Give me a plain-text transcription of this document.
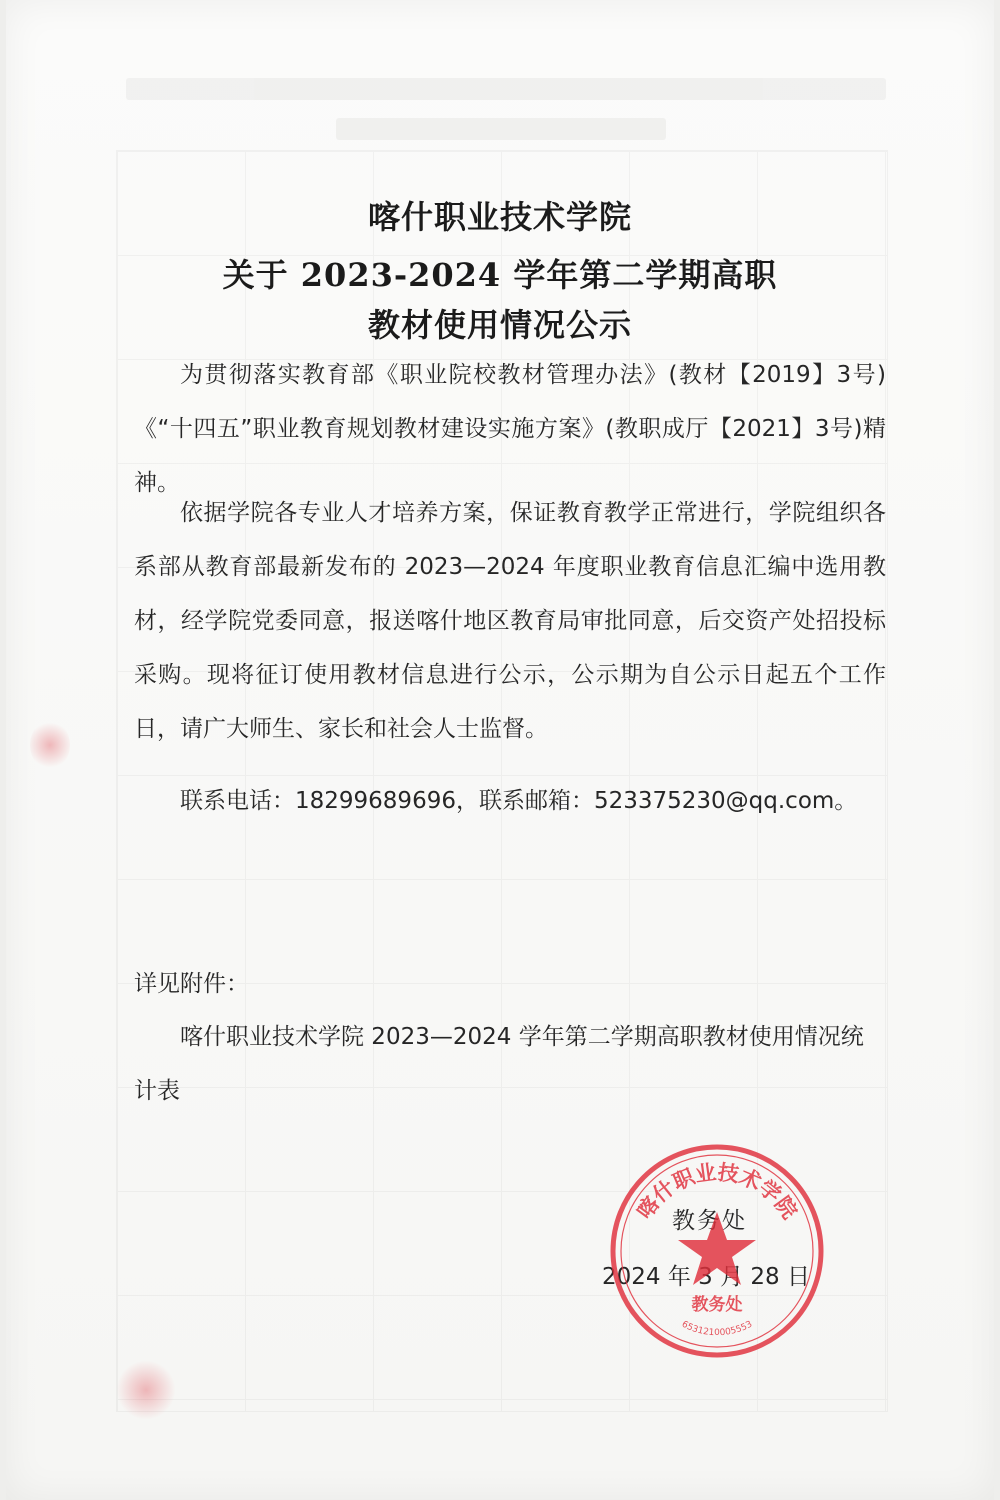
喀什职业技术学院
关于 2023-2024 学年第二学期高职
教材使用情况公示

为贯彻落实教育部《职业院校教材管理办法》(教材【2019】3号)《“十四五”职业教育规划教材建设实施方案》(教职成厅【2021】3号)精神。

依据学院各专业人才培养方案，保证教育教学正常进行，学院组织各系部从教育部最新发布的 2023—2024 年度职业教育信息汇编中选用教材，经学院党委同意，报送喀什地区教育局审批同意，后交资产处招投标采购。现将征订使用教材信息进行公示，公示期为自公示日起五个工作日，请广大师生、家长和社会人士监督。

联系电话：18299689696，联系邮箱：523375230@qq.com。

详见附件：

喀什职业技术学院 2023—2024 学年第二学期高职教材使用情况统计表

教务处
2024 年 3 月 28 日
喀什职业技术学院
6531210005553
教务处
